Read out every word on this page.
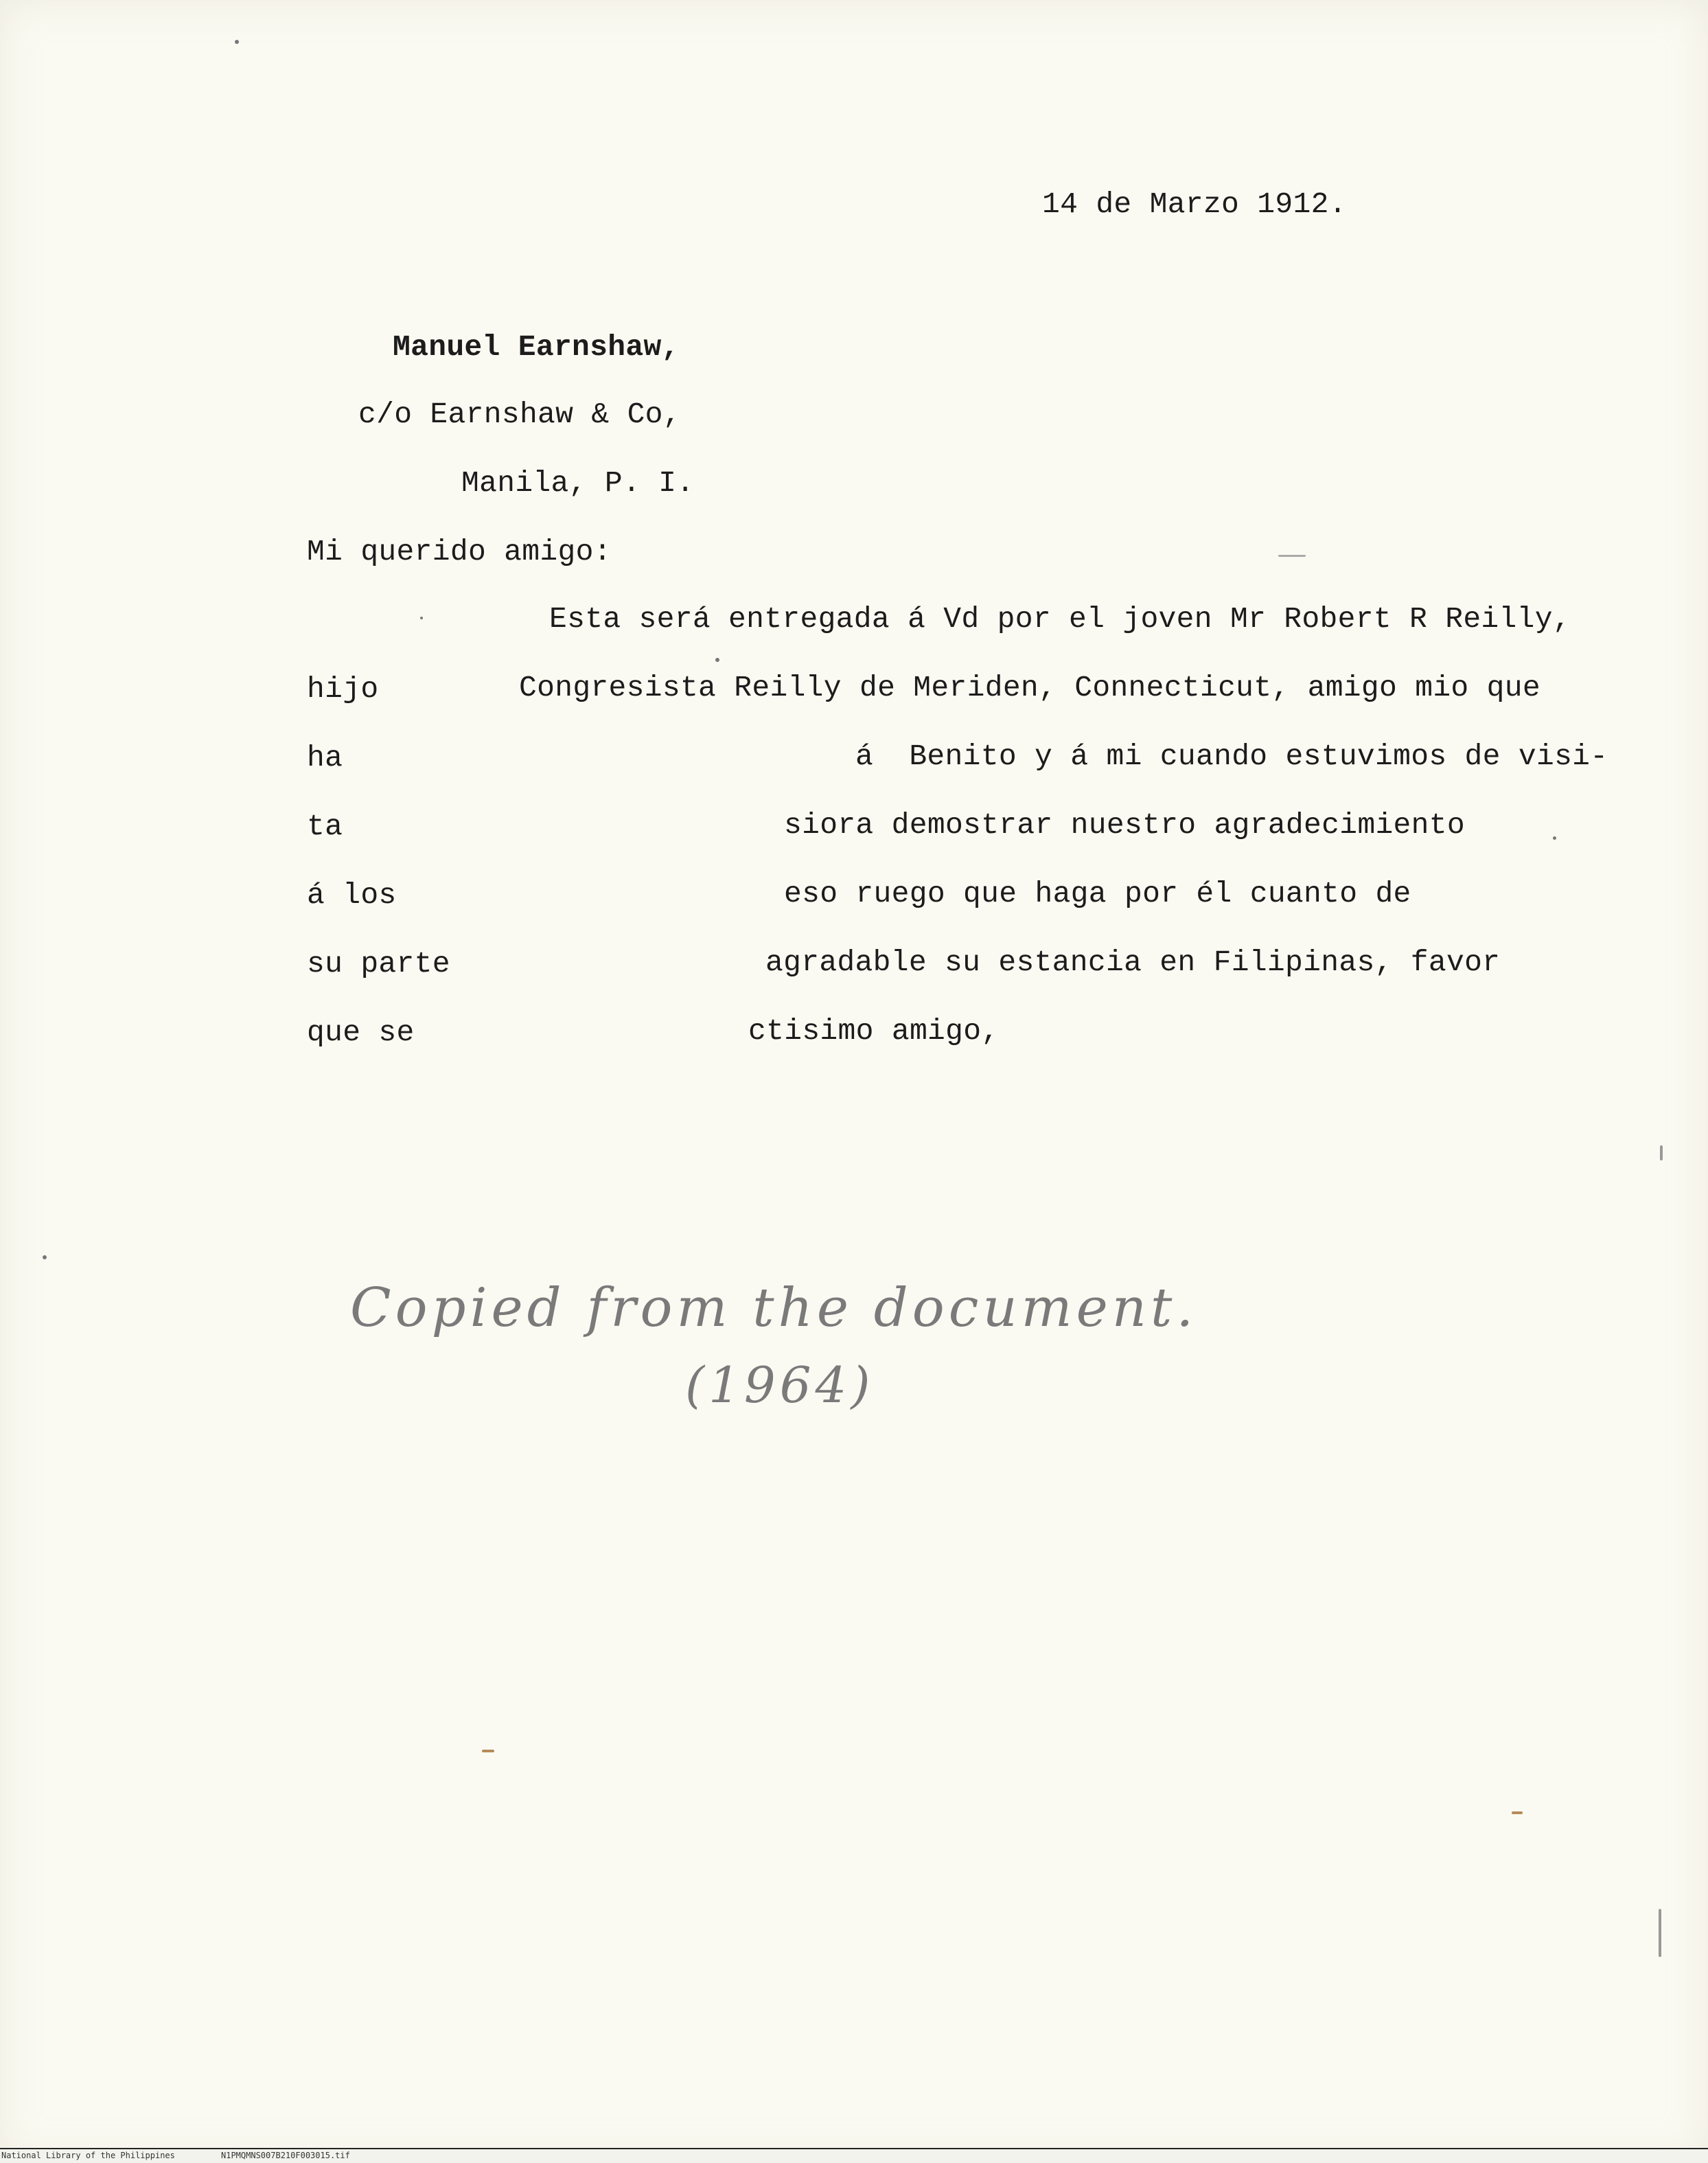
14 de Marzo 1912.
Manuel Earnshaw,
c/o Earnshaw & Co,
Manila, P. I.
Mi querido amigo:
Esta será entregada á Vd por el joven Mr Robert R Reilly,
Congresista Reilly de Meriden, Connecticut, amigo mio que
á  Benito y á mi cuando estuvimos de visi-
siora demostrar nuestro agradecimiento
eso ruego que haga por él cuanto de
agradable su estancia en Filipinas, favor
ctisimo amigo,
hijo
ha
ta
á los
su parte
que se
Copied from the document.
(1964)
National Library of the Philippines	N1PMQMNS007B210F003015.tif
